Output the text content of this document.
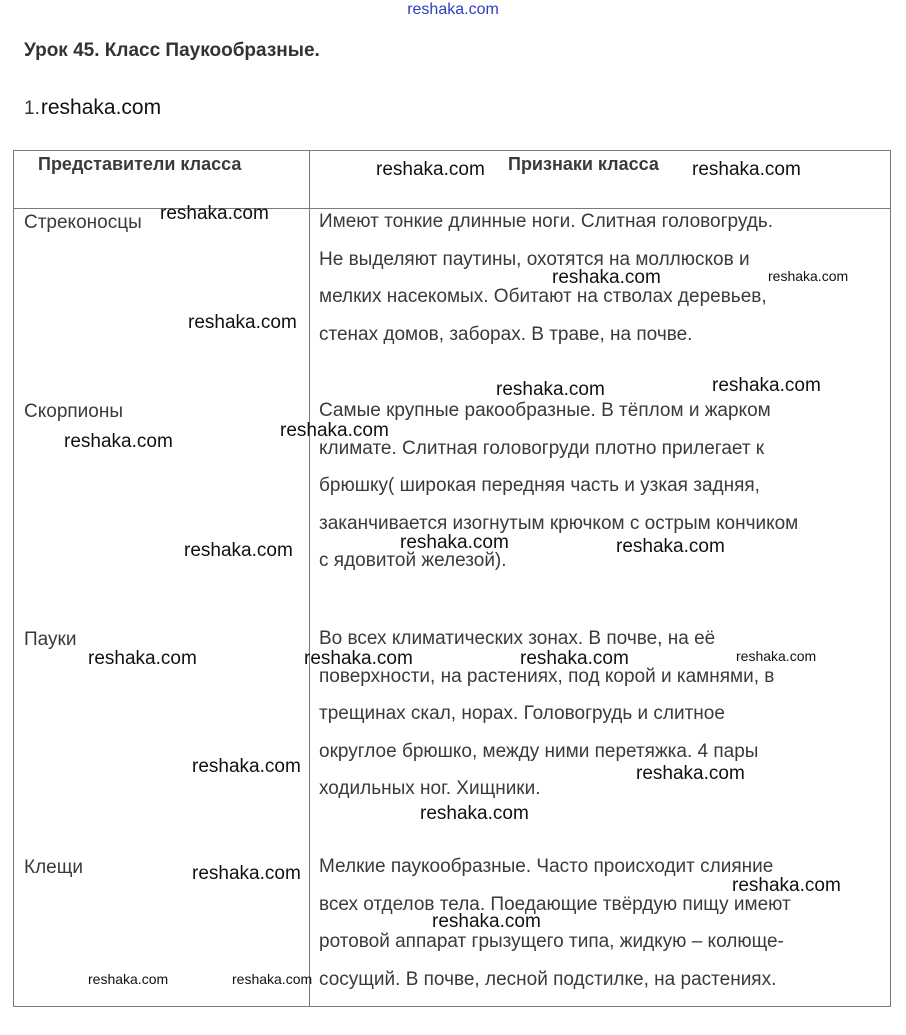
reshaka.com
Урок 45. Класс Паукообразные.
1.reshaka.com
Представители класса	Признаки класса
Стреконосцы	Имеют тонкие длинные ноги. Слитная головогрудь.
Не выделяют паутины, охотятся на моллюсков и
мелких насекомых. Обитают на стволах деревьев,
стенах домов, заборах. В траве, на почве.
Скорпионы	Самые крупные ракообразные. В тёплом и жарком
климате. Слитная головогруди плотно прилегает к
брюшку( широкая передняя часть и узкая задняя,
заканчивается изогнутым крючком с острым кончиком
с ядовитой железой).
Пауки	Во всех климатических зонах. В почве, на её
поверхности, на растениях, под корой и камнями, в
трещинах скал, норах. Головогрудь и слитное
округлое брюшко, между ними перетяжка. 4 пары
ходильных ног. Хищники.
Клещи	Мелкие паукообразные. Часто происходит слияние
всех отделов тела. Поедающие твёрдую пищу имеют
ротовой аппарат грызущего типа, жидкую – колюще-
сосущий. В почве, лесной подстилке, на растениях.
reshaka.com	reshaka.com
reshaka.com
reshaka.com	reshaka.com
reshaka.com
reshaka.com	reshaka.com
reshaka.com
reshaka.com
reshaka.com
reshaka.com	reshaka.com
reshaka.com	reshaka.com	reshaka.com	reshaka.com
reshaka.com	reshaka.com
reshaka.com
reshaka.com
reshaka.com
reshaka.com
reshaka.com	reshaka.com
